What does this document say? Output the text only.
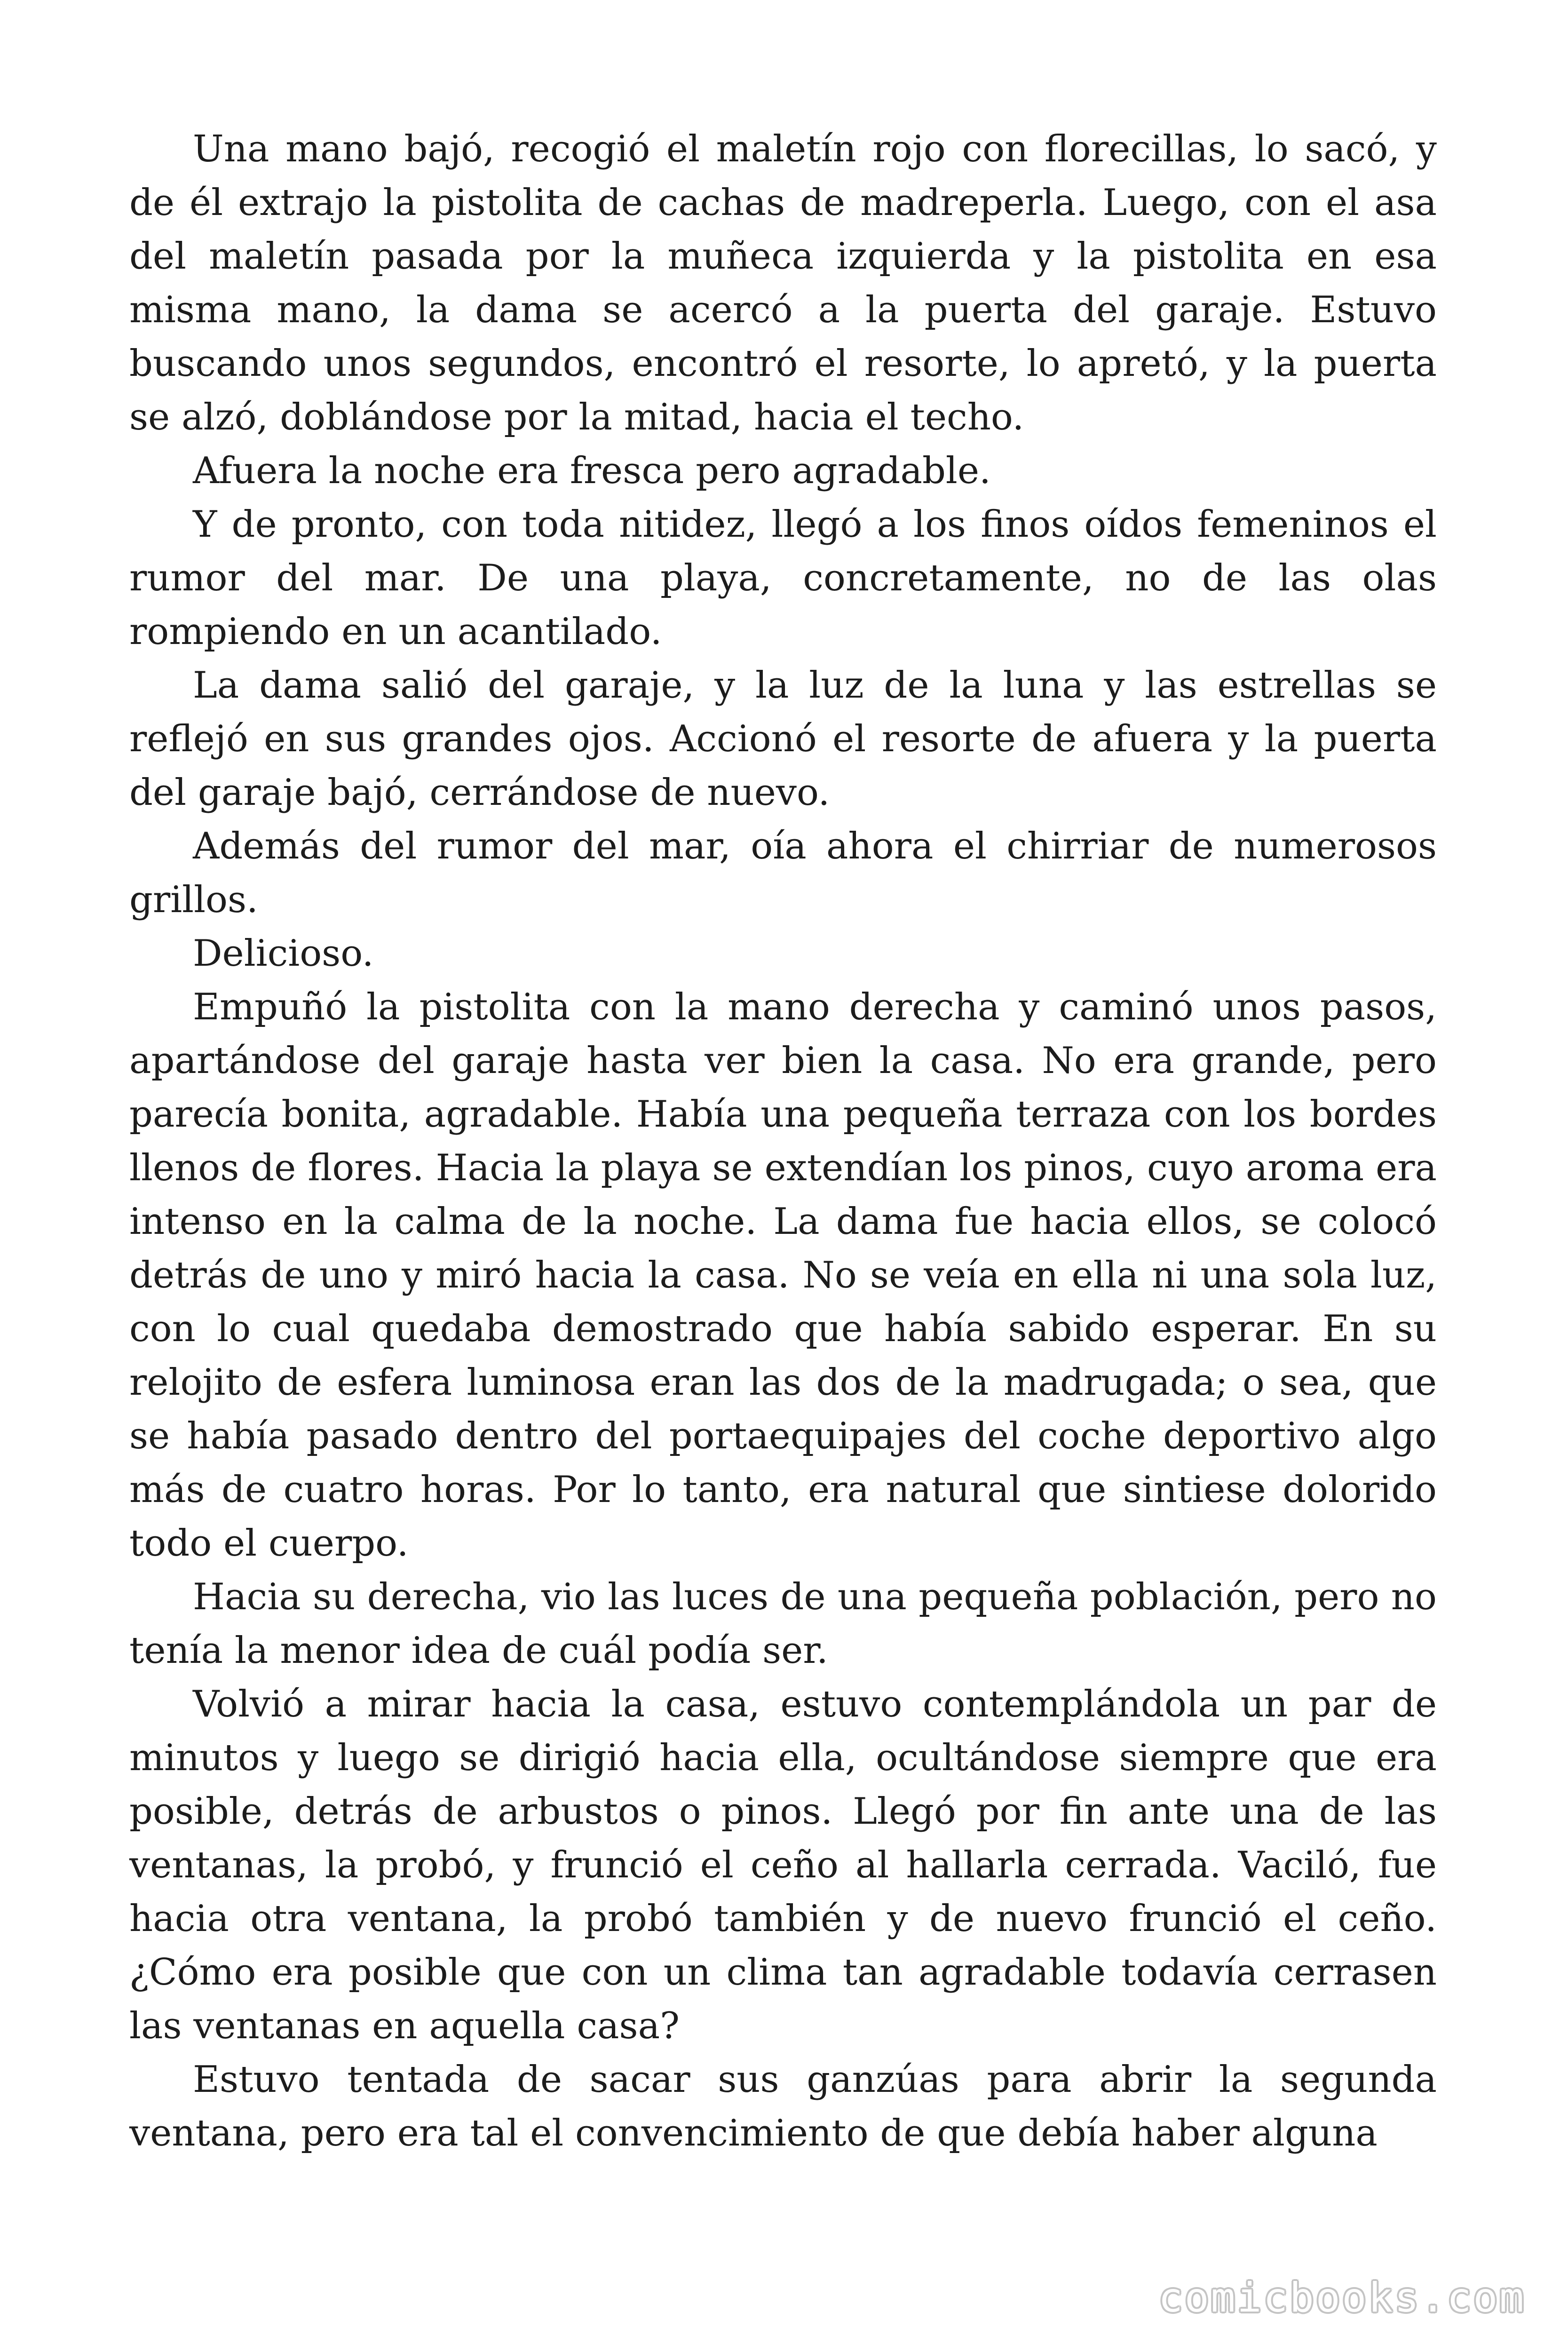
Una mano bajó, recogió el maletín rojo con florecillas, lo sacó, y de él extrajo la pistolita de cachas de madreperla. Luego, con el asa del maletín pasada por la muñeca izquierda y la pistolita en esa misma mano, la dama se acercó a la puerta del garaje. Estuvo buscando unos segundos, encontró el resorte, lo apretó, y la puerta se alzó, doblándose por la mitad, hacia el techo.

Afuera la noche era fresca pero agradable.

Y de pronto, con toda nitidez, llegó a los finos oídos femeninos el rumor del mar. De una playa, concretamente, no de las olas rompiendo en un acantilado.

La dama salió del garaje, y la luz de la luna y las estrellas se reflejó en sus grandes ojos. Accionó el resorte de afuera y la puerta del garaje bajó, cerrándose de nuevo.

Además del rumor del mar, oía ahora el chirriar de numerosos grillos.

Delicioso.

Empuñó la pistolita con la mano derecha y caminó unos pasos, apartándose del garaje hasta ver bien la casa. No era grande, pero parecía bonita, agradable. Había una pequeña terraza con los bordes llenos de flores. Hacia la playa se extendían los pinos, cuyo aroma era intenso en la calma de la noche. La dama fue hacia ellos, se colocó detrás de uno y miró hacia la casa. No se veía en ella ni una sola luz, con lo cual quedaba demostrado que había sabido esperar. En su relojito de esfera luminosa eran las dos de la madrugada; o sea, que se había pasado dentro del portaequipajes del coche deportivo algo más de cuatro horas. Por lo tanto, era natural que sintiese dolorido todo el cuerpo.

Hacia su derecha, vio las luces de una pequeña población, pero no tenía la menor idea de cuál podía ser.

Volvió a mirar hacia la casa, estuvo contemplándola un par de minutos y luego se dirigió hacia ella, ocultándose siempre que era posible, detrás de arbustos o pinos. Llegó por fin ante una de las ventanas, la probó, y frunció el ceño al hallarla cerrada. Vaciló, fue hacia otra ventana, la probó también y de nuevo frunció el ceño. ¿Cómo era posible que con un clima tan agradable todavía cerrasen las ventanas en aquella casa?

Estuvo tentada de sacar sus ganzúas para abrir la segunda ventana, pero era tal el convencimiento de que debía haber alguna

comicbooks.com
